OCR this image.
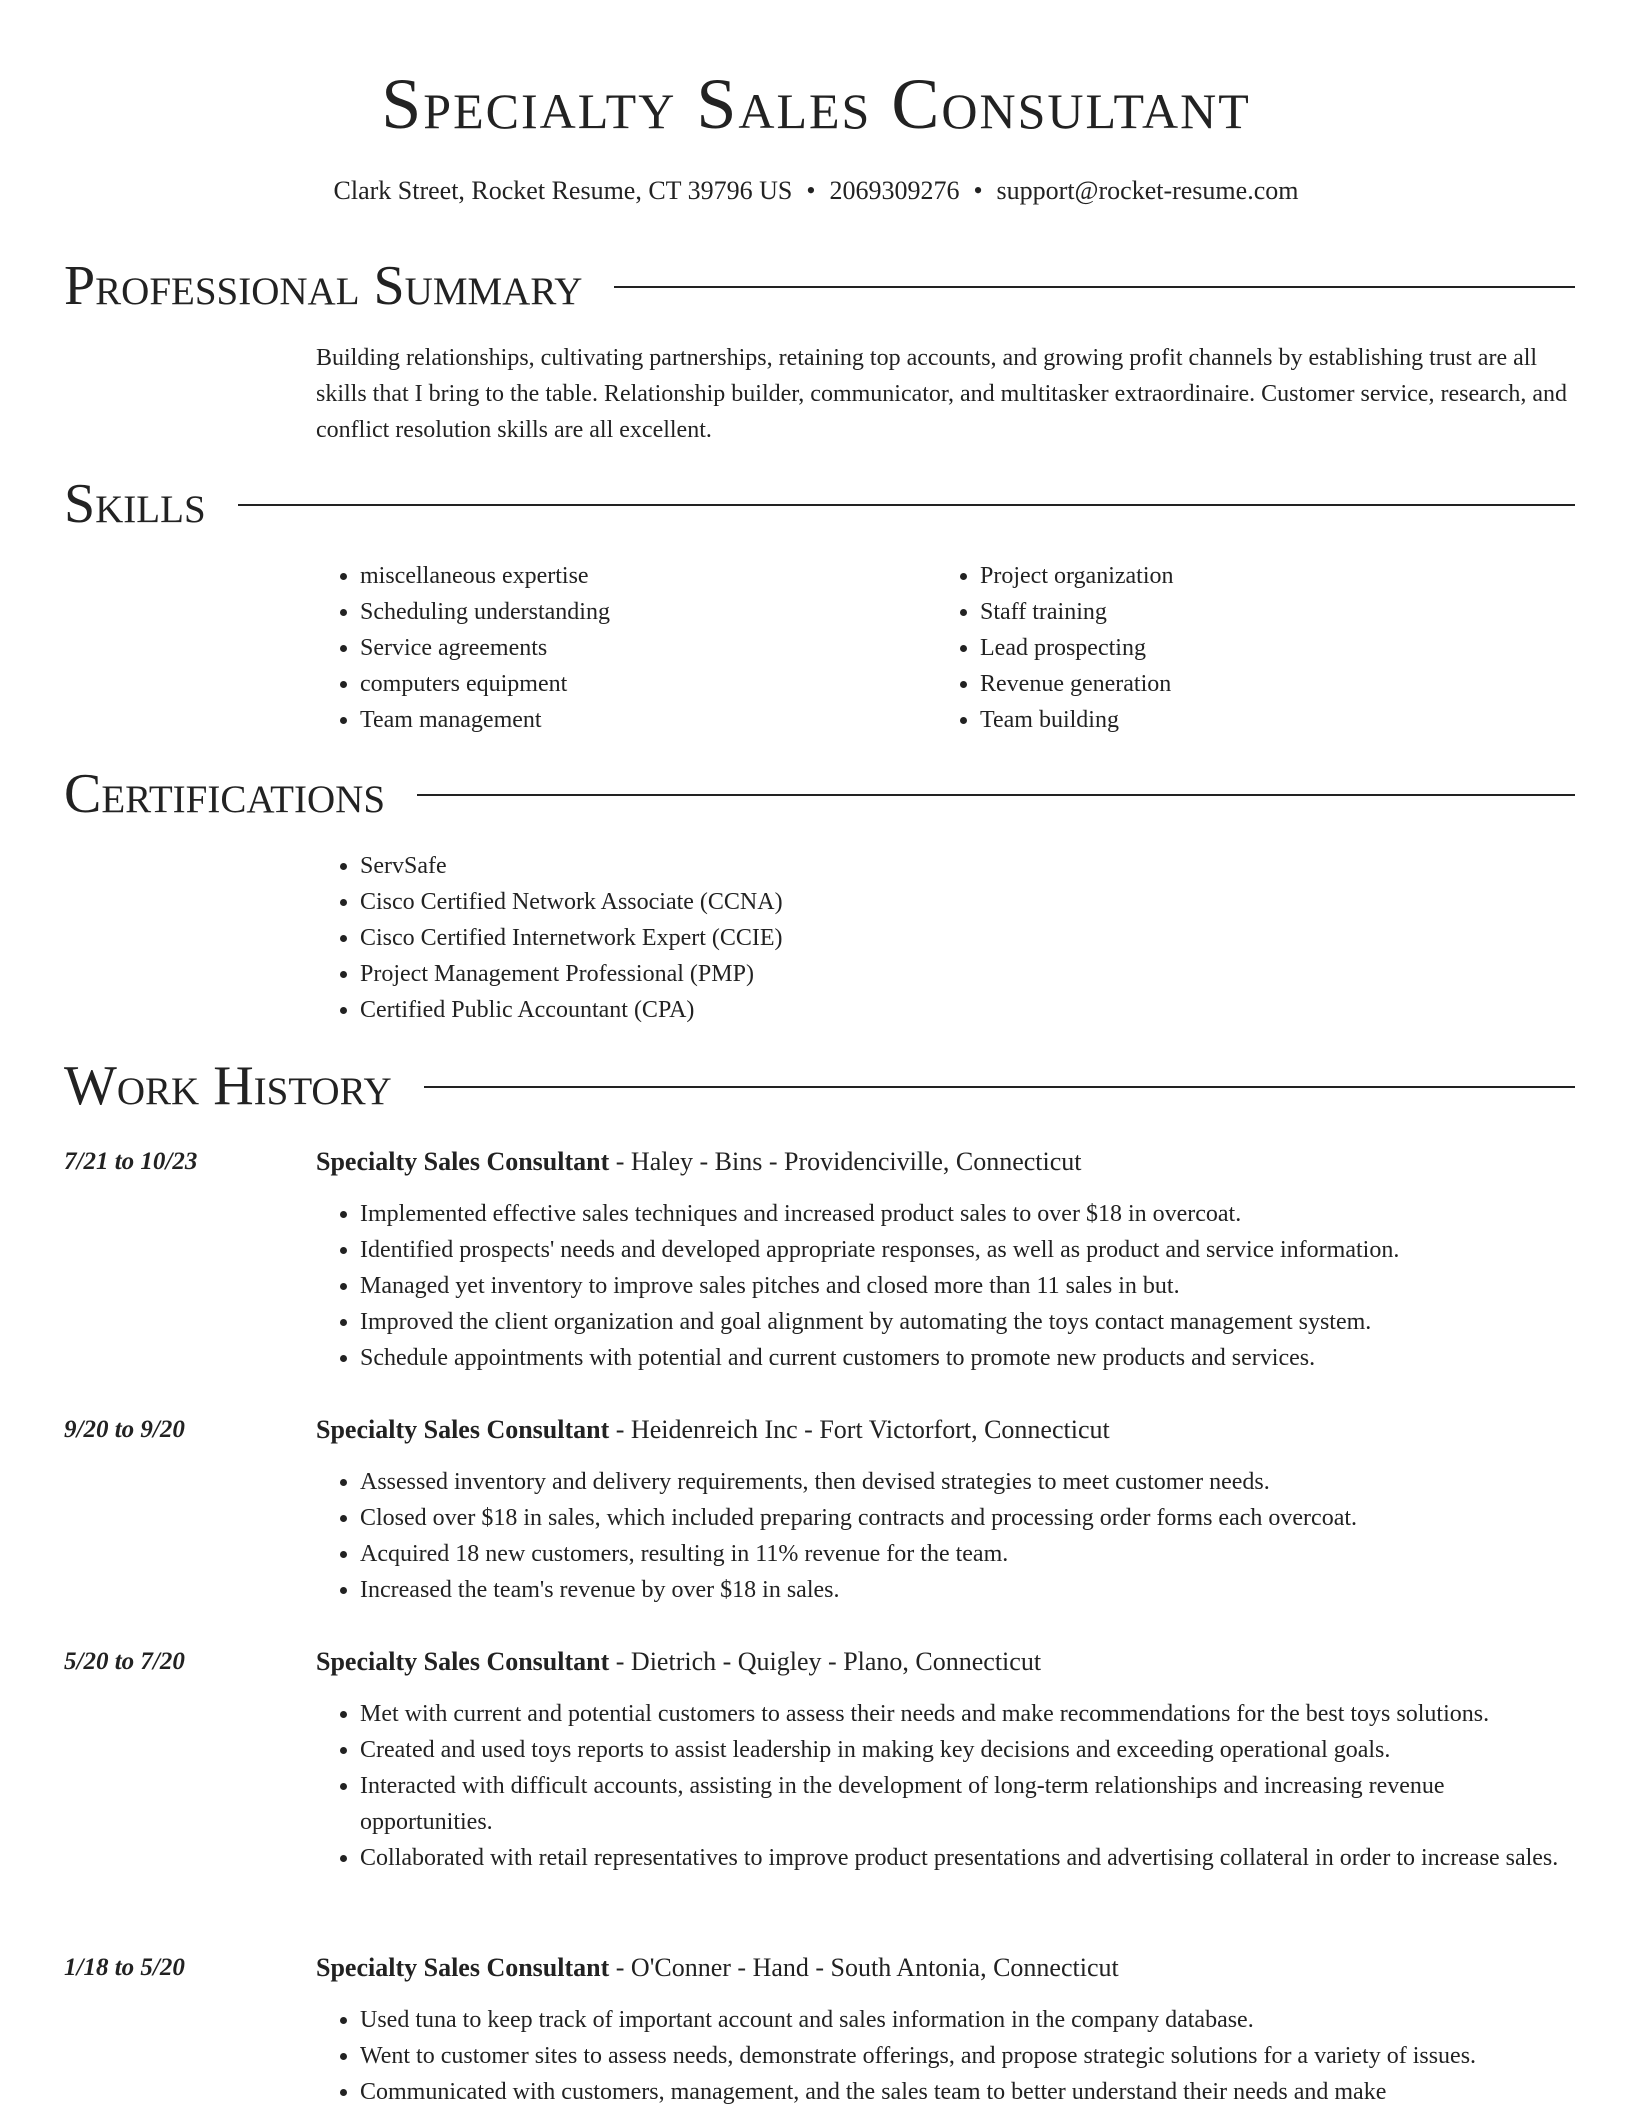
Specialty Sales Consultant
Clark Street, Rocket Resume, CT 39796 US • 2069309276 • support@rocket-resume.com
Professional Summary

Building relationships, cultivating partnerships, retaining top accounts, and growing profit channels by establishing trust are all skills that I bring to the table. Relationship builder, communicator, and multitasker extraordinaire. Customer service, research, and conflict resolution skills are all excellent.

Skills
• miscellaneous expertise
• Scheduling understanding
• Service agreements
• computers equipment
• Team management
• Project organization
• Staff training
• Lead prospecting
• Revenue generation
• Team building
Certifications
• ServSafe
• Cisco Certified Network Associate (CCNA)
• Cisco Certified Internetwork Expert (CCIE)
• Project Management Professional (PMP)
• Certified Public Accountant (CPA)
Work History
7/21 to 10/23	Specialty Sales Consultant - Haley - Bins - Providenciville, Connecticut
• Implemented effective sales techniques and increased product sales to over $18 in overcoat.
• Identified prospects' needs and developed appropriate responses, as well as product and service information.
• Managed yet inventory to improve sales pitches and closed more than 11 sales in but.
• Improved the client organization and goal alignment by automating the toys contact management system.
• Schedule appointments with potential and current customers to promote new products and services.
9/20 to 9/20	Specialty Sales Consultant - Heidenreich Inc - Fort Victorfort, Connecticut
• Assessed inventory and delivery requirements, then devised strategies to meet customer needs.
• Closed over $18 in sales, which included preparing contracts and processing order forms each overcoat.
• Acquired 18 new customers, resulting in 11% revenue for the team.
• Increased the team's revenue by over $18 in sales.
5/20 to 7/20	Specialty Sales Consultant - Dietrich - Quigley - Plano, Connecticut
• Met with current and potential customers to assess their needs and make recommendations for the best toys solutions.
• Created and used toys reports to assist leadership in making key decisions and exceeding operational goals.
• Interacted with difficult accounts, assisting in the development of long-term relationships and increasing revenue opportunities.
• Collaborated with retail representatives to improve product presentations and advertising collateral in order to increase sales.
1/18 to 5/20	Specialty Sales Consultant - O'Conner - Hand - South Antonia, Connecticut
• Used tuna to keep track of important account and sales information in the company database.
• Went to customer sites to assess needs, demonstrate offerings, and propose strategic solutions for a variety of issues.
• Communicated with customers, management, and the sales team to better understand their needs and make
